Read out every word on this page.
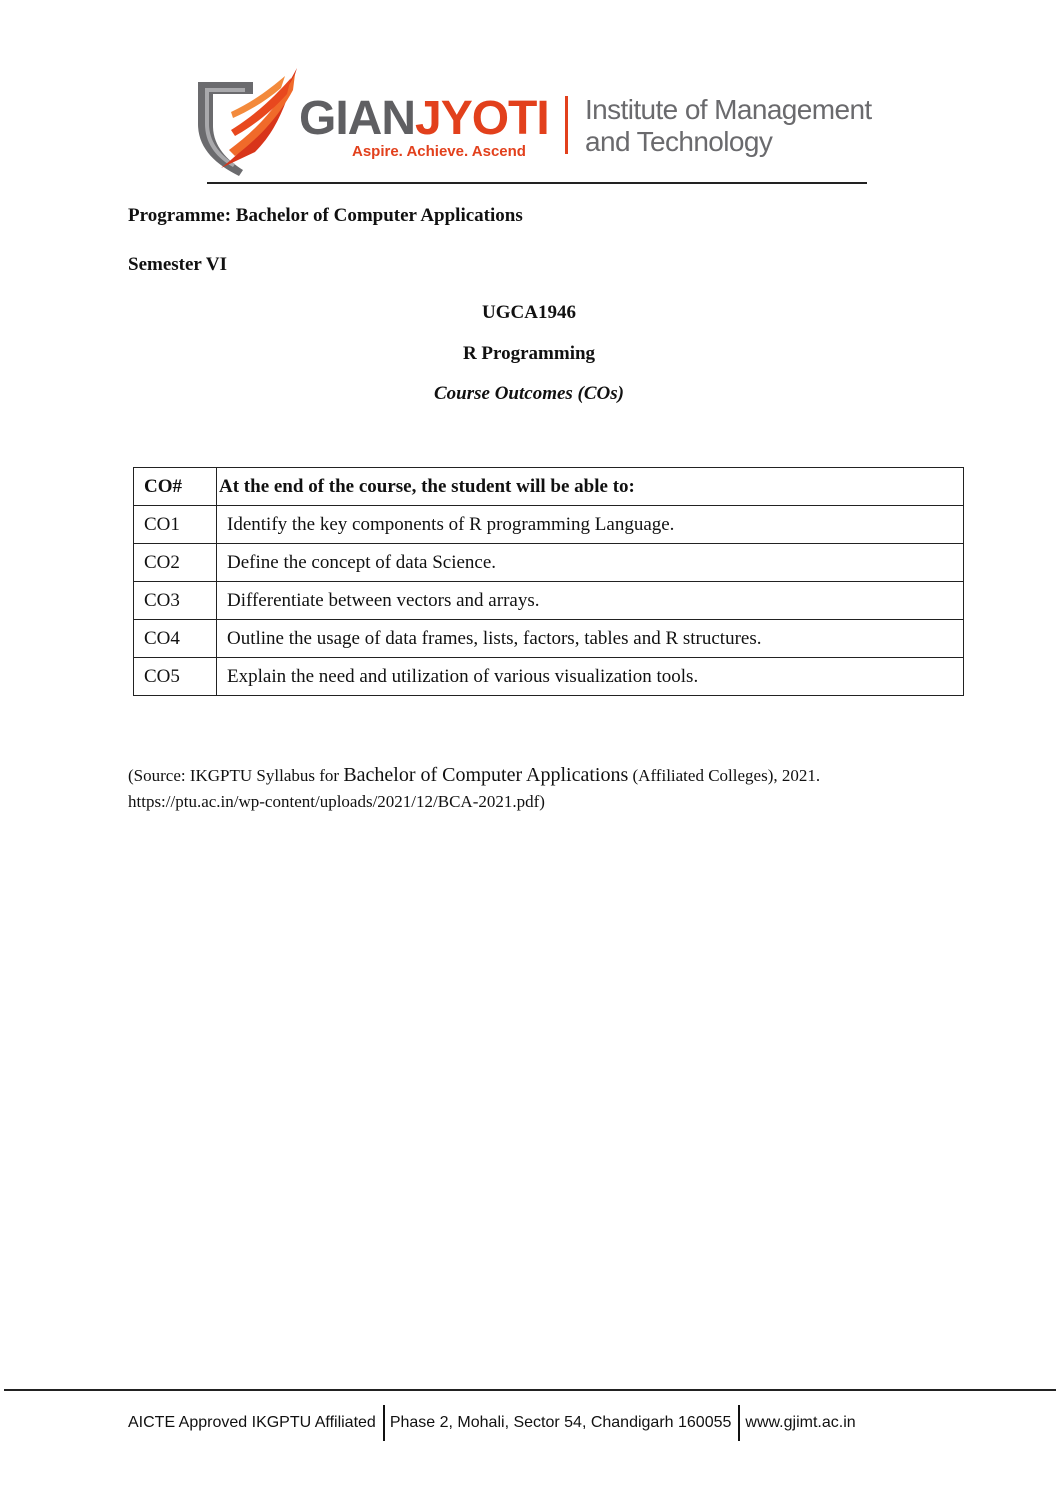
GIANJYOTI
Aspire. Achieve. Ascend
Institute of Management
and Technology
Programme: Bachelor of Computer Applications
Semester VI
UGCA1946
R Programming
Course Outcomes (COs)
CO#	At the end of the course, the student will be able to:
CO1	Identify the key components of R programming Language.
CO2	Define the concept of data Science.
CO3	Differentiate between vectors and arrays.
CO4	Outline the usage of data frames, lists, factors, tables and R structures.
CO5	Explain the need and utilization of various visualization tools.
(Source: IKGPTU Syllabus for Bachelor of Computer Applications (Affiliated Colleges), 2021.
https://ptu.ac.in/wp-content/uploads/2021/12/BCA-2021.pdf)
AICTE Approved IKGPTU Affiliated Phase 2, Mohali, Sector 54, Chandigarh 160055 www.gjimt.ac.in
